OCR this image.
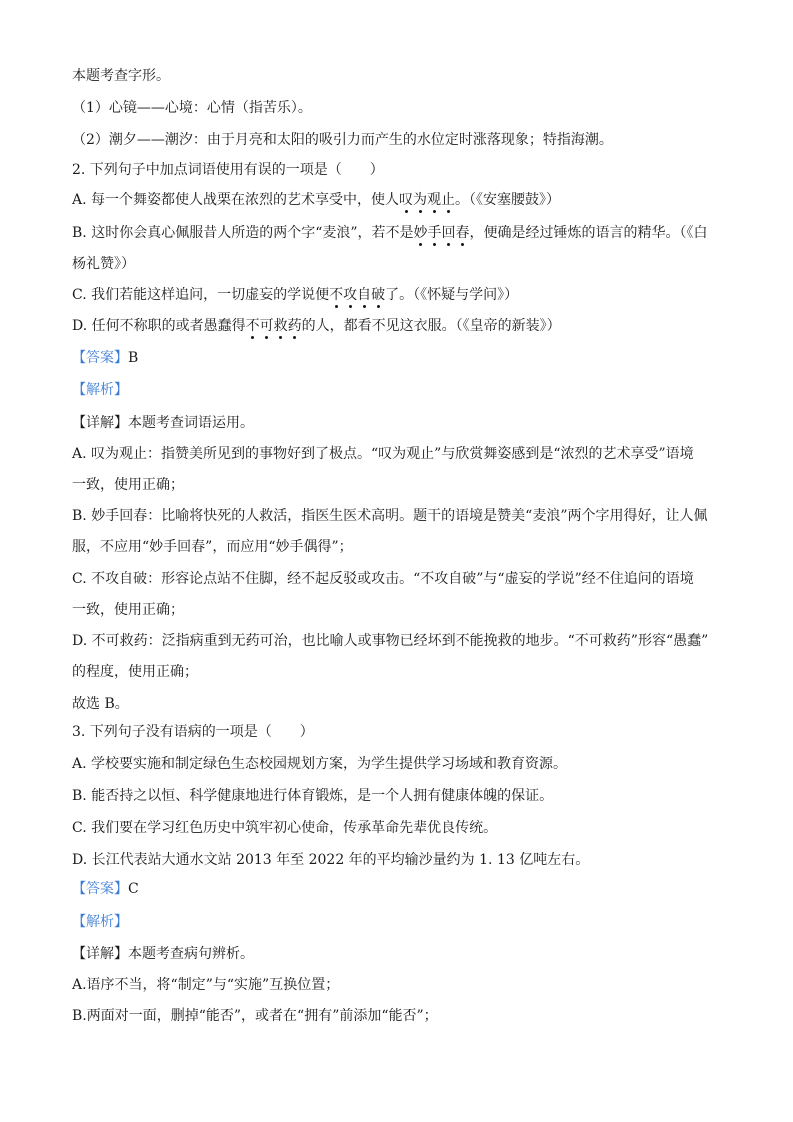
本题考查字形。
（1）心镜——心境：心情（指苦乐）。
（2）潮夕——潮汐：由于月亮和太阳的吸引力而产生的水位定时涨落现象；特指海潮。
2. 下列句子中加点词语使用有误的一项是（　　）
A. 每一个舞姿都使人战栗在浓烈的艺术享受中，使人叹为观止。（《安塞腰鼓》）
B. 这时你会真心佩服昔人所造的两个字“麦浪”，若不是妙手回春，便确是经过锤炼的语言的精华。（《白
杨礼赞》）
C. 我们若能这样追问，一切虚妄的学说便不攻自破了。（《怀疑与学问》）
D. 任何不称职的或者愚蠢得不可救药的人，都看不见这衣服。（《皇帝的新装》）
【答案】B
【解析】
【详解】本题考查词语运用。
A. 叹为观止：指赞美所见到的事物好到了极点。“叹为观止”与欣赏舞姿感到是“浓烈的艺术享受”语境
一致，使用正确；
B. 妙手回春：比喻将快死的人救活，指医生医术高明。题干的语境是赞美“麦浪”两个字用得好，让人佩
服，不应用“妙手回春”，而应用“妙手偶得”；
C. 不攻自破：形容论点站不住脚，经不起反驳或攻击。“不攻自破”与“虚妄的学说”经不住追问的语境
一致，使用正确；
D. 不可救药：泛指病重到无药可治，也比喻人或事物已经坏到不能挽救的地步。“不可救药”形容“愚蠢”
的程度，使用正确；
故选 B。
3. 下列句子没有语病的一项是（　　）
A. 学校要实施和制定绿色生态校园规划方案，为学生提供学习场域和教育资源。
B. 能否持之以恒、科学健康地进行体育锻炼，是一个人拥有健康体魄的保证。
C. 我们要在学习红色历史中筑牢初心使命，传承革命先辈优良传统。
D. 长江代表站大通水文站 2013 年至 2022 年的平均输沙量约为 1. 13 亿吨左右。
【答案】C
【解析】
【详解】本题考查病句辨析。
A.语序不当，将“制定”与“实施”互换位置；
B.两面对一面，删掉“能否”，或者在“拥有”前添加“能否”；
